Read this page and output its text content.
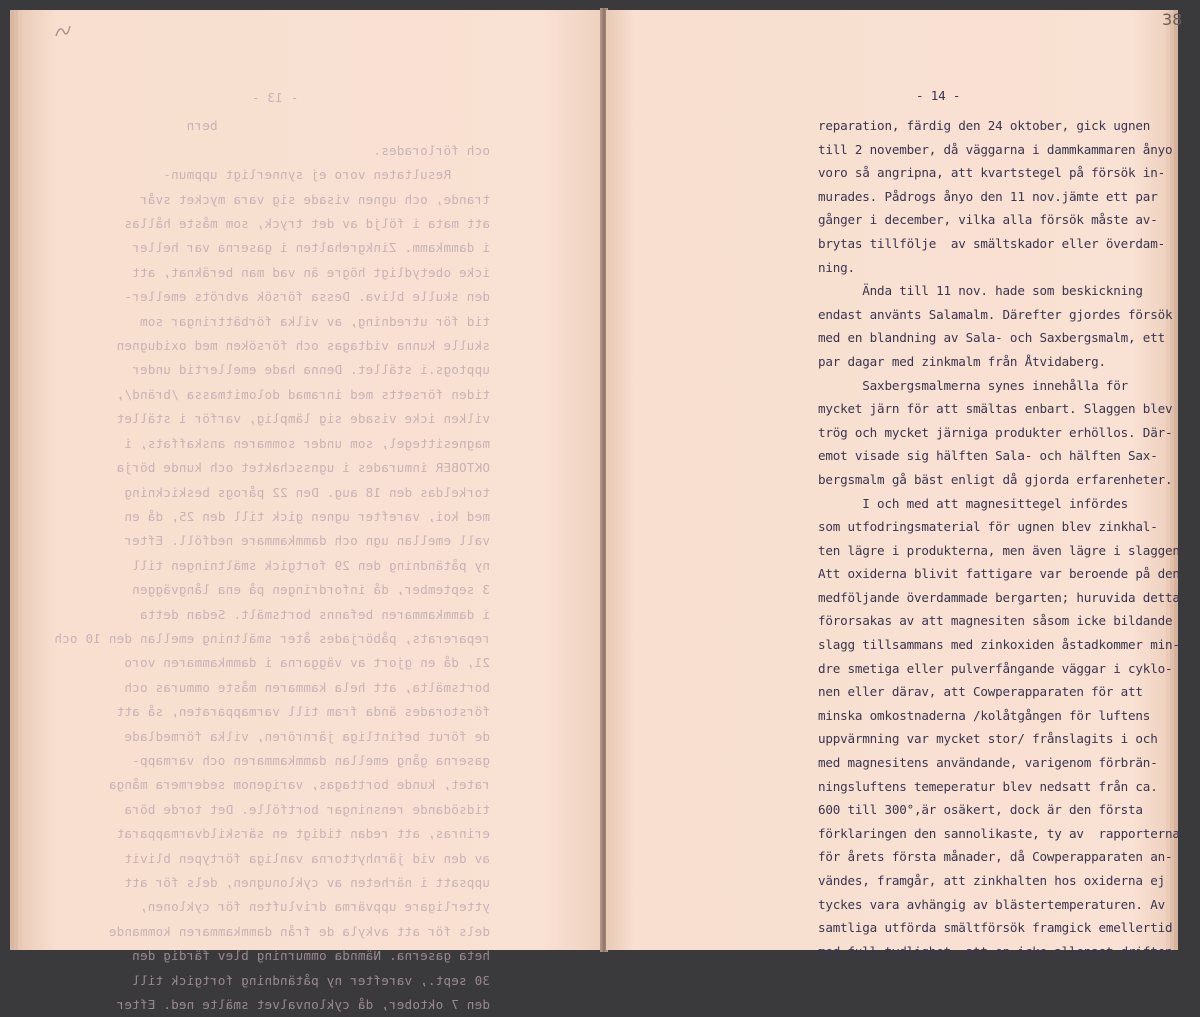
38
- 13 -

bern

och förlorades.

Resultaten voro ej synnerligt uppmun-

trande, och ugnen visade sig vara mycket svår

att mata i följd av det tryck, som måste hållas

i dammkamm. Zinkgrehalten i gaserna var heller

icke obetydligt högre än vad man beräknat, att

den skulle bliva. Dessa försök avbröts emeller-

tid för utredning, av vilka förbättringar som

skulle kunna vidtagas och försöken med oxidugnen

upptogs.i stället. Denna hade emellertid under

tiden försetts med inramad dolomitmassa /bränd/,

vilken icke visade sig lämplig, varför i stället

magnesittegel, som under sommaren anskaffats, i

OKTOBER inmurades i ugnsschaktet och kunde börja

torkeldas den 18 aug. Den 22 pårogs beskickning

med koi, varefter ugnen gick till den 25, då en

vall emellan ugn och dammkammare nedföll. Efter

ny påtändning den 29 fortgick smältningen till

3 september, då infordringen på ena långväggen

i dammkammaren befanns bortsmält. Sedan detta

reparerats, påbörjades åter smältning emellan den 10 och

21, då en gjort av väggarna i dammkammaren voro

bortsmälta, att hela kammaren måste ommuras och

förstorades ända fram till varmapparaten, så att

de förut befintliga järnrören, vilka förmedlade

gaserna gång emellan dammkammaren och varmapp-

ratet, kunde borttagas, varigenom sedermera många

tidsödande rensningar bortfölle. Det torde böra

erinras, att redan tidigt en särskildvarmapparat

av den vid järnhyttorna vanliga förtypen blivit

uppsatt i närheten av cyklonugnen, dels för att

ytterligare uppvärma drivluften för cyklonen,

dels för att avkyla de från dammkammaren kommande

heta gaserna. Nämnda ommurning blev färdig den

30 sept., varefter ny påtändning fortgick till

den 7 oktober, då cyklonvalvet smälte ned. Efter

- 14 -
reparation, färdig den 24 oktober, gick ugnen
till 2 november, då väggarna i dammkammaren ånyo
voro så angripna, att kvartstegel på försök in-
murades. Pådrogs ånyo den 11 nov.jämte ett par
gånger i december, vilka alla försök måste av-
brytas tillfölje  av smältskador eller överdam-
ning.
Ända till 11 nov. hade som beskickning
endast använts Salamalm. Därefter gjordes försök
med en blandning av Sala- och Saxbergsmalm, ett
par dagar med zinkmalm från Åtvidaberg.
Saxbergsmalmerna synes innehålla för
mycket järn för att smältas enbart. Slaggen blev
trög och mycket järniga produkter erhöllos. Där-
emot visade sig hälften Sala- och hälften Sax-
bergsmalm gå bäst enligt då gjorda erfarenheter.
I och med att magnesittegel infördes
som utfodringsmaterial för ugnen blev zinkhal-
ten lägre i produkterna, men även lägre i slaggen.
Att oxiderna blivit fattigare var beroende på den
medföljande överdammade bergarten; huruvida detta
förorsakas av att magnesiten såsom icke bildande
slagg tillsammans med zinkoxiden åstadkommer min-
dre smetiga eller pulverfångande väggar i cyklo-
nen eller därav, att Cowperapparaten för att
minska omkostnaderna /kolåtgången för luftens
uppvärmning var mycket stor/ frånslagits i och
med magnesitens användande, varigenom förbrän-
ningsluftens temeperatur blev nedsatt från ca.
600 till 300°,är osäkert, dock är den första
förklaringen den sannolikaste, ty av  rapporterna
för årets första månader, då Cowperapparaten an-
vändes, framgår, att zinkhalten hos oxiderna ej
tyckes vara avhängig av blästertemperaturen. Av
samtliga utförda smältförsök framgick emellertid
med full tydlighet, att en icke allenast driften
